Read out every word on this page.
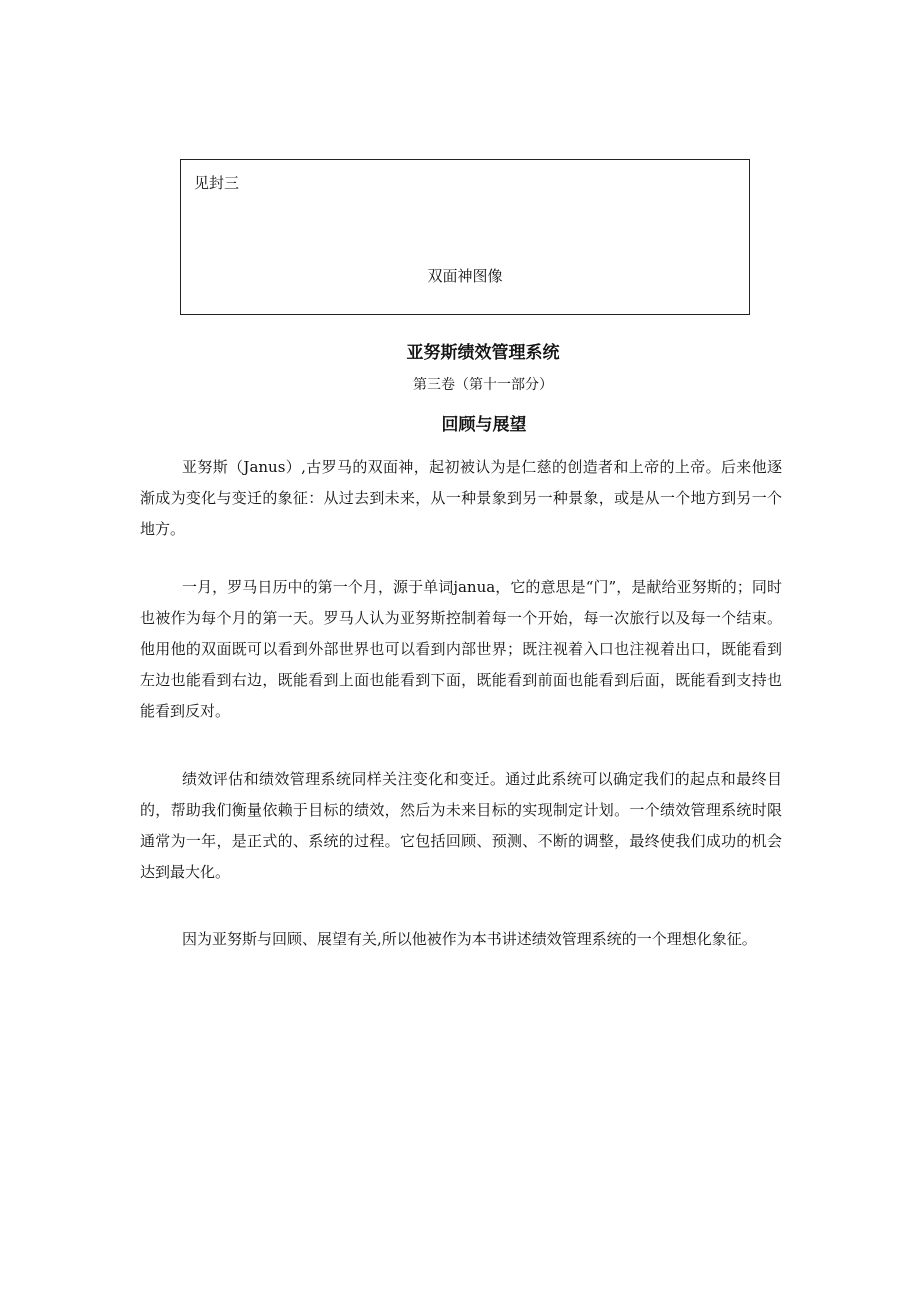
见封三
双面神图像
亚努斯绩效管理系统
第三卷（第十一部分）
回顾与展望

亚努斯（Janus）,古罗马的双面神，起初被认为是仁慈的创造者和上帝的上帝。后来他逐渐成为变化与变迁的象征：从过去到未来，从一种景象到另一种景象，或是从一个地方到另一个地方。

一月，罗马日历中的第一个月，源于单词janua，它的意思是“门”，是献给亚努斯的；同时也被作为每个月的第一天。罗马人认为亚努斯控制着每一个开始，每一次旅行以及每一个结束。他用他的双面既可以看到外部世界也可以看到内部世界；既注视着入口也注视着出口，既能看到左边也能看到右边，既能看到上面也能看到下面，既能看到前面也能看到后面，既能看到支持也能看到反对。

绩效评估和绩效管理系统同样关注变化和变迁。通过此系统可以确定我们的起点和最终目的，帮助我们衡量依赖于目标的绩效，然后为未来目标的实现制定计划。一个绩效管理系统时限通常为一年，是正式的、系统的过程。它包括回顾、预测、不断的调整，最终使我们成功的机会达到最大化。

因为亚努斯与回顾、展望有关,所以他被作为本书讲述绩效管理系统的一个理想化象征。
